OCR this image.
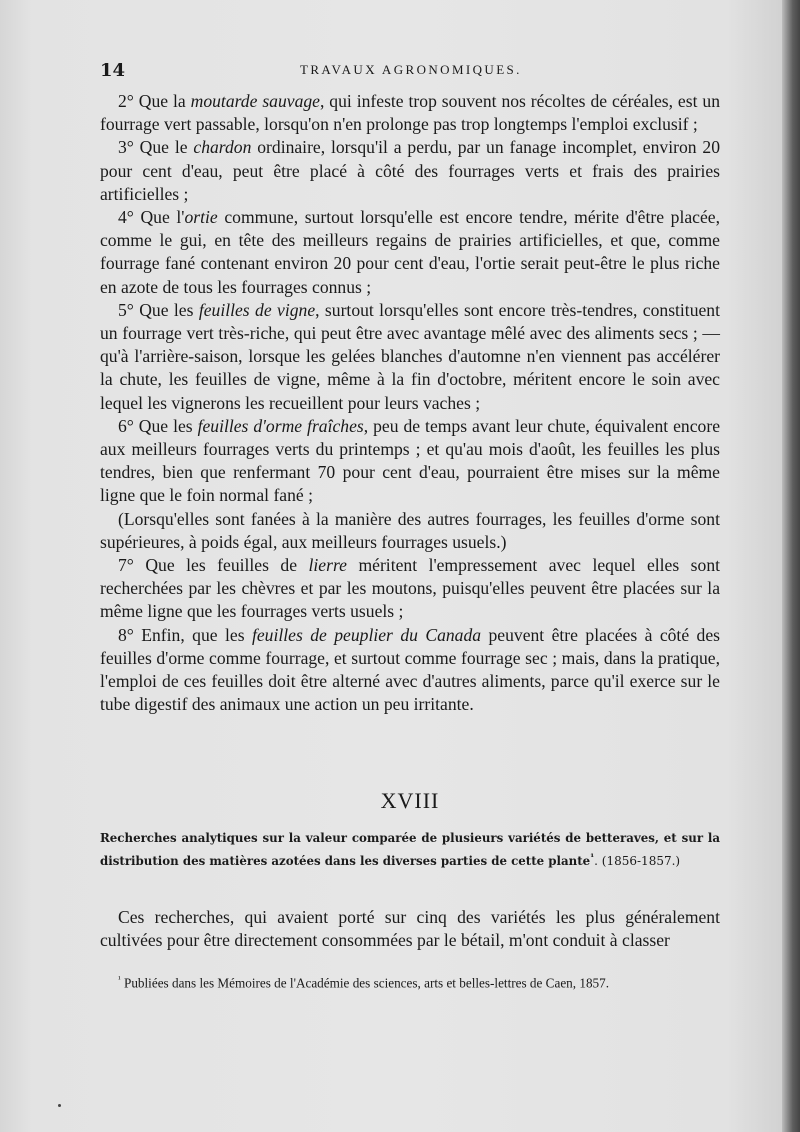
14	TRAVAUX AGRONOMIQUES.

2° Que la moutarde sauvage, qui infeste trop souvent nos récoltes de céréales, est un fourrage vert passable, lorsqu'on n'en prolonge pas trop longtemps l'emploi exclusif ;

3° Que le chardon ordinaire, lorsqu'il a perdu, par un fanage incomplet, environ 20 pour cent d'eau, peut être placé à côté des fourrages verts et frais des prairies artificielles ;

4° Que l'ortie commune, surtout lorsqu'elle est encore tendre, mérite d'être placée, comme le gui, en tête des meilleurs regains de prairies artificielles, et que, comme fourrage fané contenant environ 20 pour cent d'eau, l'ortie serait peut-être le plus riche en azote de tous les fourrages connus ;

5° Que les feuilles de vigne, surtout lorsqu'elles sont encore très-tendres, constituent un fourrage vert très-riche, qui peut être avec avantage mêlé avec des aliments secs ; — qu'à l'arrière-saison, lorsque les gelées blanches d'automne n'en viennent pas accélérer la chute, les feuilles de vigne, même à la fin d'octobre, méritent encore le soin avec lequel les vignerons les recueillent pour leurs vaches ;

6° Que les feuilles d'orme fraîches, peu de temps avant leur chute, équivalent encore aux meilleurs fourrages verts du printemps ; et qu'au mois d'août, les feuilles les plus tendres, bien que renfermant 70 pour cent d'eau, pourraient être mises sur la même ligne que le foin normal fané ;

(Lorsqu'elles sont fanées à la manière des autres fourrages, les feuilles d'orme sont supérieures, à poids égal, aux meilleurs fourrages usuels.)

7° Que les feuilles de lierre méritent l'empressement avec lequel elles sont recherchées par les chèvres et par les moutons, puisqu'elles peuvent être placées sur la même ligne que les fourrages verts usuels ;

8° Enfin, que les feuilles de peuplier du Canada peuvent être placées à côté des feuilles d'orme comme fourrage, et surtout comme fourrage sec ; mais, dans la pratique, l'emploi de ces feuilles doit être alterné avec d'autres aliments, parce qu'il exerce sur le tube digestif des animaux une action un peu irritante.

XVIII
Recherches analytiques sur la valeur comparée de plusieurs variétés de betteraves, et sur la distribution des matières azotées dans les diverses parties de cette plante$^{^1}$. (1856-1857.)
Ces recherches, qui avaient porté sur cinq des variétés les plus généralement cultivées pour être directement consommées par le bétail, m'ont conduit à classer
$^{^1}$ Publiées dans les Mémoires de l'Académie des sciences, arts et belles-lettres de Caen, 1857.
